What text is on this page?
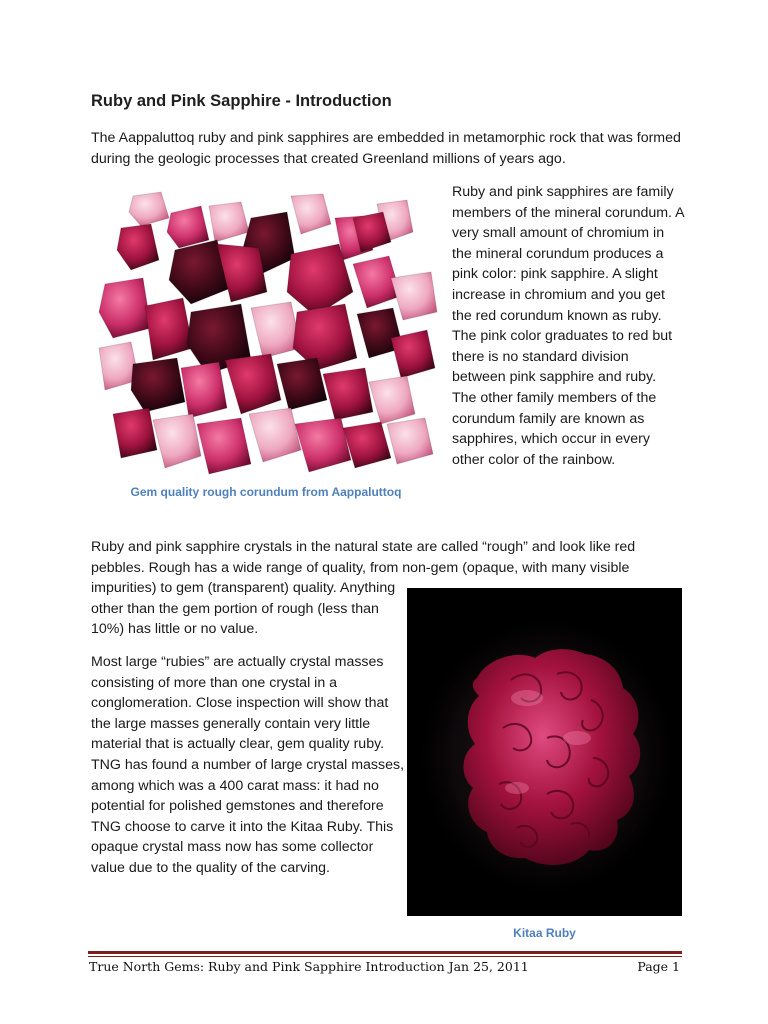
Ruby and Pink Sapphire - Introduction

The Aappaluttoq ruby and pink sapphires are embedded in metamorphic rock that was formed during the geologic processes that created Greenland millions of years ago.

Gem quality rough corundum from Aappaluttoq

Ruby and pink sapphires are family members of the mineral corundum. A very small amount of chromium in the mineral corundum produces a pink color: pink sapphire. A slight increase in chromium and you get the red corundum known as ruby. The pink color graduates to red but there is no standard division between pink sapphire and ruby. The other family members of the corundum family are known as sapphires, which occur in every other color of the rainbow.

Ruby and pink sapphire crystals in the natural state are called “rough” and look like red pebbles. Rough has a wide range of quality, from non-gem (opaque, with many visible

impurities) to gem (transparent) quality. Anything other than the gem portion of rough (less than 10%) has little or no value.

Most large “rubies” are actually crystal masses consisting of more than one crystal in a conglomeration. Close inspection will show that the large masses generally contain very little material that is actually clear, gem quality ruby. TNG has found a number of large crystal masses, among which was a 400 carat mass: it had no potential for polished gemstones and therefore TNG choose to carve it into the Kitaa Ruby. This opaque crystal mass now has some collector value due to the quality of the carving.

Kitaa Ruby
True North Gems: Ruby and Pink Sapphire Introduction Jan 25, 2011	Page 1
